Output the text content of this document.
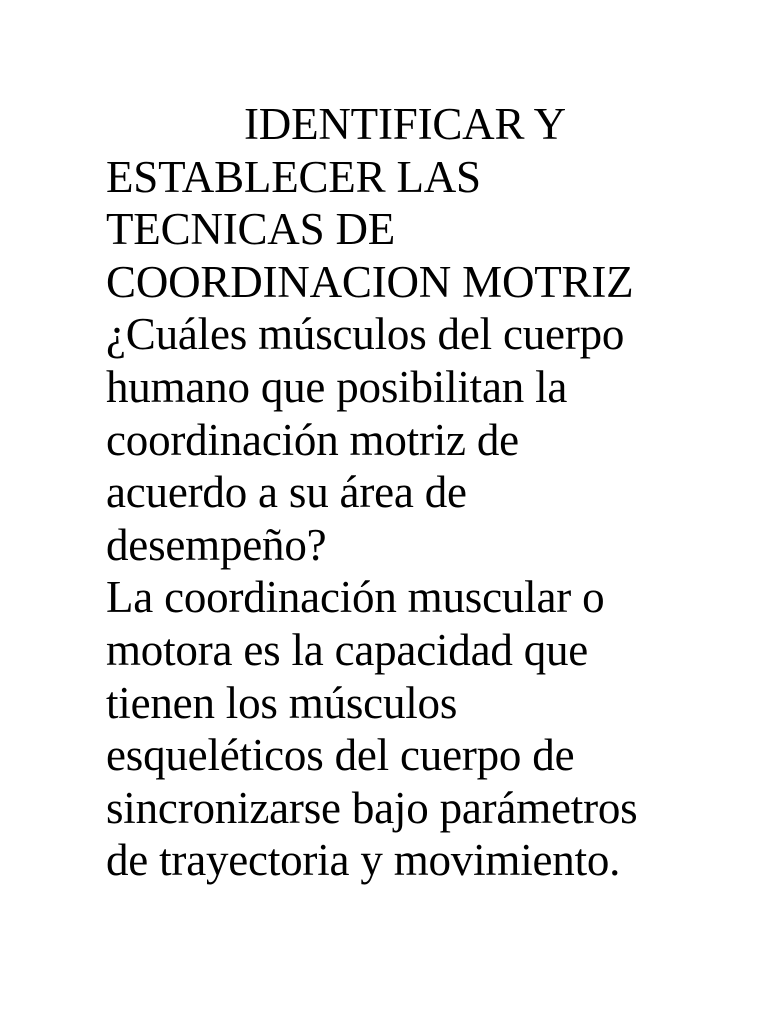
IDENTIFICAR Y
ESTABLECER LAS
TECNICAS DE
COORDINACION MOTRIZ
¿Cuáles músculos del cuerpo
humano que posibilitan la
coordinación motriz de
acuerdo a su área de
desempeño?
La coordinación muscular o
motora es la capacidad que
tienen los músculos
esqueléticos del cuerpo de
sincronizarse bajo parámetros
de trayectoria y movimiento.
